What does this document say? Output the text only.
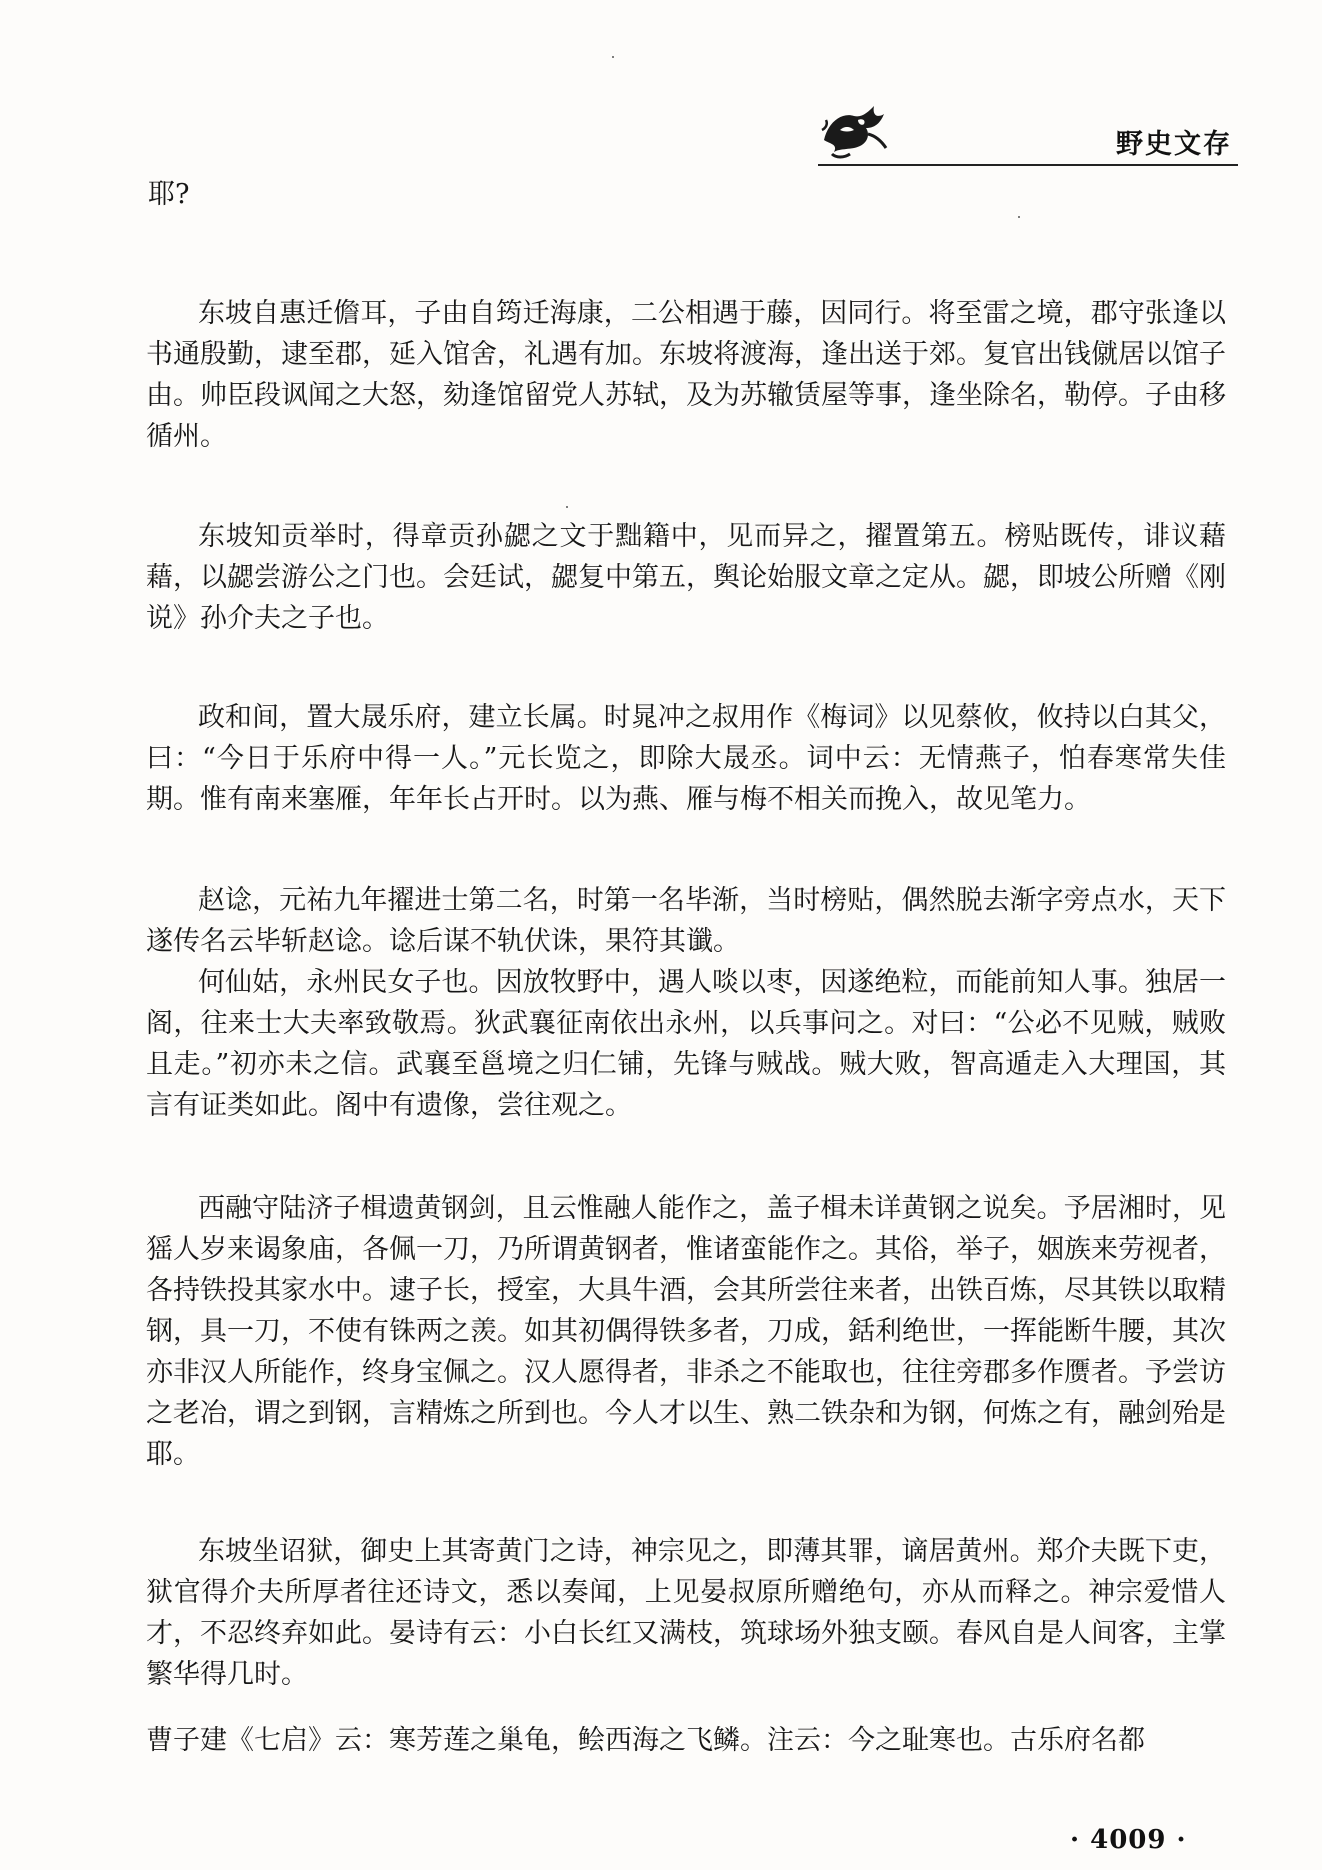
野史文存
耶?

东坡自惠迁儋耳，子由自筠迁海康，二公相遇于藤，因同行。将至雷之境，郡守张逢以书通殷勤，逮至郡，延入馆舍，礼遇有加。东坡将渡海，逢出送于郊。复官出钱僦居以馆子由。帅臣段讽闻之大怒，劾逢馆留党人苏轼，及为苏辙赁屋等事，逢坐除名，勒停。子由移循州。

东坡知贡举时，得章贡孙勰之文于黜籍中，见而异之，擢置第五。榜贴既传，诽议藉藉，以勰尝游公之门也。会廷试，勰复中第五，舆论始服文章之定从。勰，即坡公所赠《刚说》孙介夫之子也。

政和间，置大晟乐府，建立长属。时晁冲之叔用作《梅词》以见蔡攸，攸持以白其父，曰：“今日于乐府中得一人。”元长览之，即除大晟丞。词中云：无情燕子，怕春寒常失佳期。惟有南来塞雁，年年长占开时。以为燕、雁与梅不相关而挽入，故见笔力。

赵谂，元祐九年擢进士第二名，时第一名毕渐，当时榜贴，偶然脱去渐字旁点水，天下遂传名云毕斩赵谂。谂后谋不轨伏诛，果符其谶。

何仙姑，永州民女子也。因放牧野中，遇人啖以枣，因遂绝粒，而能前知人事。独居一阁，往来士大夫率致敬焉。狄武襄征南依出永州，以兵事问之。对曰：“公必不见贼，贼败且走。”初亦未之信。武襄至邕境之归仁铺，先锋与贼战。贼大败，智高遁走入大理国，其言有证类如此。阁中有遗像，尝往观之。

西融守陆济子楫遗黄钢剑，且云惟融人能作之，盖子楫未详黄钢之说矣。予居湘时，见猺人岁来谒象庙，各佩一刀，乃所谓黄钢者，惟诸蛮能作之。其俗，举子，姻族来劳视者，各持铁投其家水中。逮子长，授室，大具牛酒，会其所尝往来者，出铁百炼，尽其铁以取精钢，具一刀，不使有铢两之羡。如其初偶得铁多者，刀成，銛利绝世，一挥能断牛腰，其次亦非汉人所能作，终身宝佩之。汉人愿得者，非杀之不能取也，往往旁郡多作赝者。予尝访之老冶，谓之到钢，言精炼之所到也。今人才以生、熟二铁杂和为钢，何炼之有，融剑殆是耶。

东坡坐诏狱，御史上其寄黄门之诗，神宗见之，即薄其罪，谪居黄州。郑介夫既下吏，狱官得介夫所厚者往还诗文，悉以奏闻，上见晏叔原所赠绝句，亦从而释之。神宗爱惜人才，不忍终弃如此。晏诗有云：小白长红又满枝，筑球场外独支颐。春风自是人间客，主掌繁华得几时。

曹子建《七启》云：寒芳莲之巢龟，鲙西海之飞鳞。注云：今之耻寒也。古乐府名都

· 4009 ·
